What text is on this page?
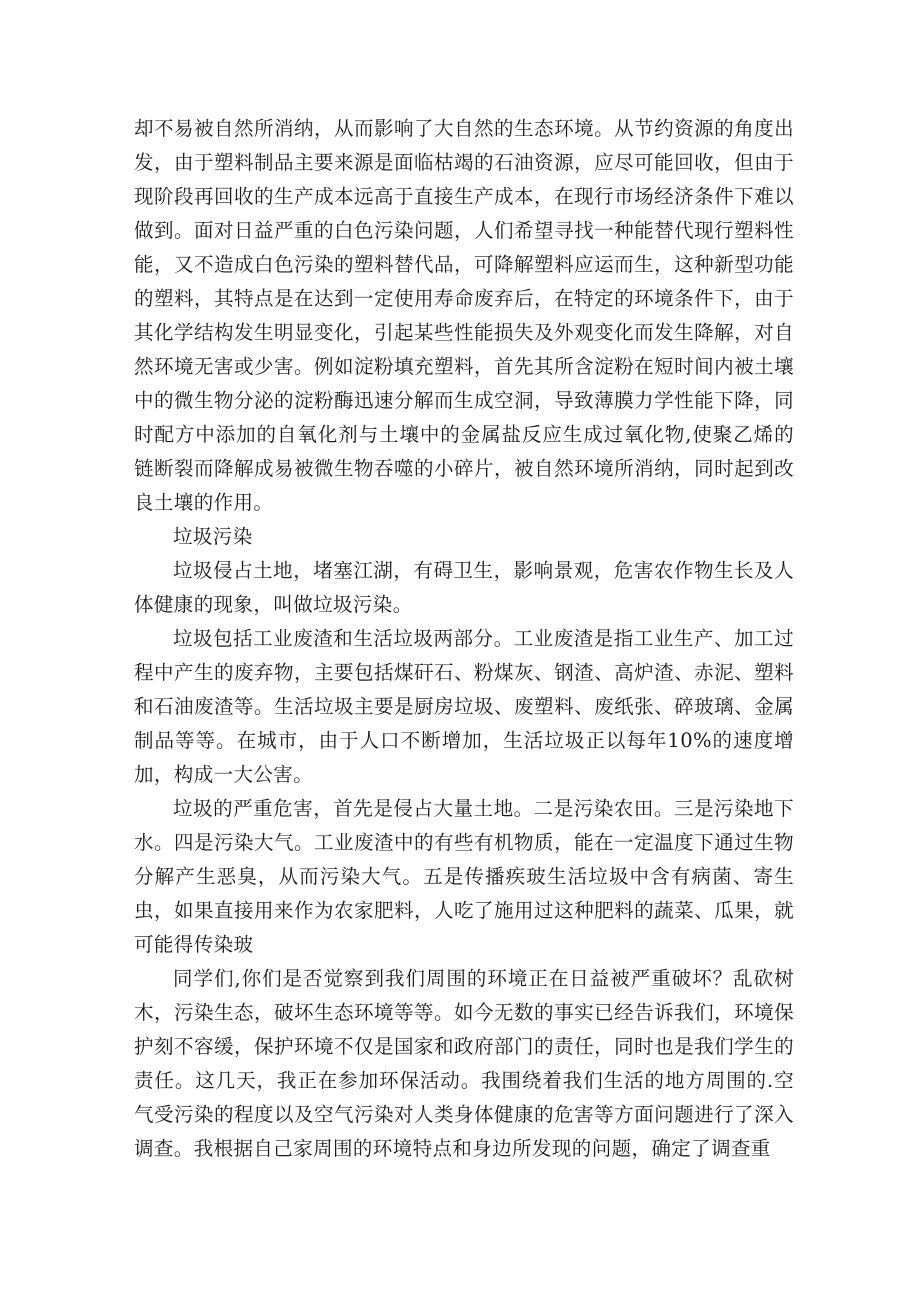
却不易被自然所消纳，从而影响了大自然的生态环境。从节约资源的角度出发，由于塑料制品主要来源是面临枯竭的石油资源，应尽可能回收，但由于现阶段再回收的生产成本远高于直接生产成本，在现行市场经济条件下难以做到。面对日益严重的白色污染问题，人们希望寻找一种能替代现行塑料性能，又不造成白色污染的塑料替代品，可降解塑料应运而生，这种新型功能的塑料，其特点是在达到一定使用寿命废弃后，在特定的环境条件下，由于其化学结构发生明显变化，引起某些性能损失及外观变化而发生降解，对自然环境无害或少害。例如淀粉填充塑料，首先其所含淀粉在短时间内被土壤中的微生物分泌的淀粉酶迅速分解而生成空洞，导致薄膜力学性能下降，同时配方中添加的自氧化剂与土壤中的金属盐反应生成过氧化物,使聚乙烯的链断裂而降解成易被微生物吞噬的小碎片，被自然环境所消纳，同时起到改良土壤的作用。

垃圾污染

垃圾侵占土地，堵塞江湖，有碍卫生，影响景观，危害农作物生长及人体健康的现象，叫做垃圾污染。

垃圾包括工业废渣和生活垃圾两部分。工业废渣是指工业生产、加工过程中产生的废弃物，主要包括煤矸石、粉煤灰、钢渣、高炉渣、赤泥、塑料和石油废渣等。生活垃圾主要是厨房垃圾、废塑料、废纸张、碎玻璃、金属制品等等。在城市，由于人口不断增加，生活垃圾正以每年10%的速度增加，构成一大公害。

垃圾的严重危害，首先是侵占大量土地。二是污染农田。三是污染地下水。四是污染大气。工业废渣中的有些有机物质，能在一定温度下通过生物分解产生恶臭，从而污染大气。五是传播疾玻生活垃圾中含有病菌、寄生虫，如果直接用来作为农家肥料，人吃了施用过这种肥料的蔬菜、瓜果，就可能得传染玻

同学们,你们是否觉察到我们周围的环境正在日益被严重破坏？乱砍树木，污染生态，破坏生态环境等等。如今无数的事实已经告诉我们，环境保护刻不容缓，保护环境不仅是国家和政府部门的责任，同时也是我们学生的责任。这几天，我正在参加环保活动。我围绕着我们生活的地方周围的.空气受污染的程度以及空气污染对人类身体健康的危害等方面问题进行了深入调查。我根据自己家周围的环境特点和身边所发现的问题，确定了调查重
